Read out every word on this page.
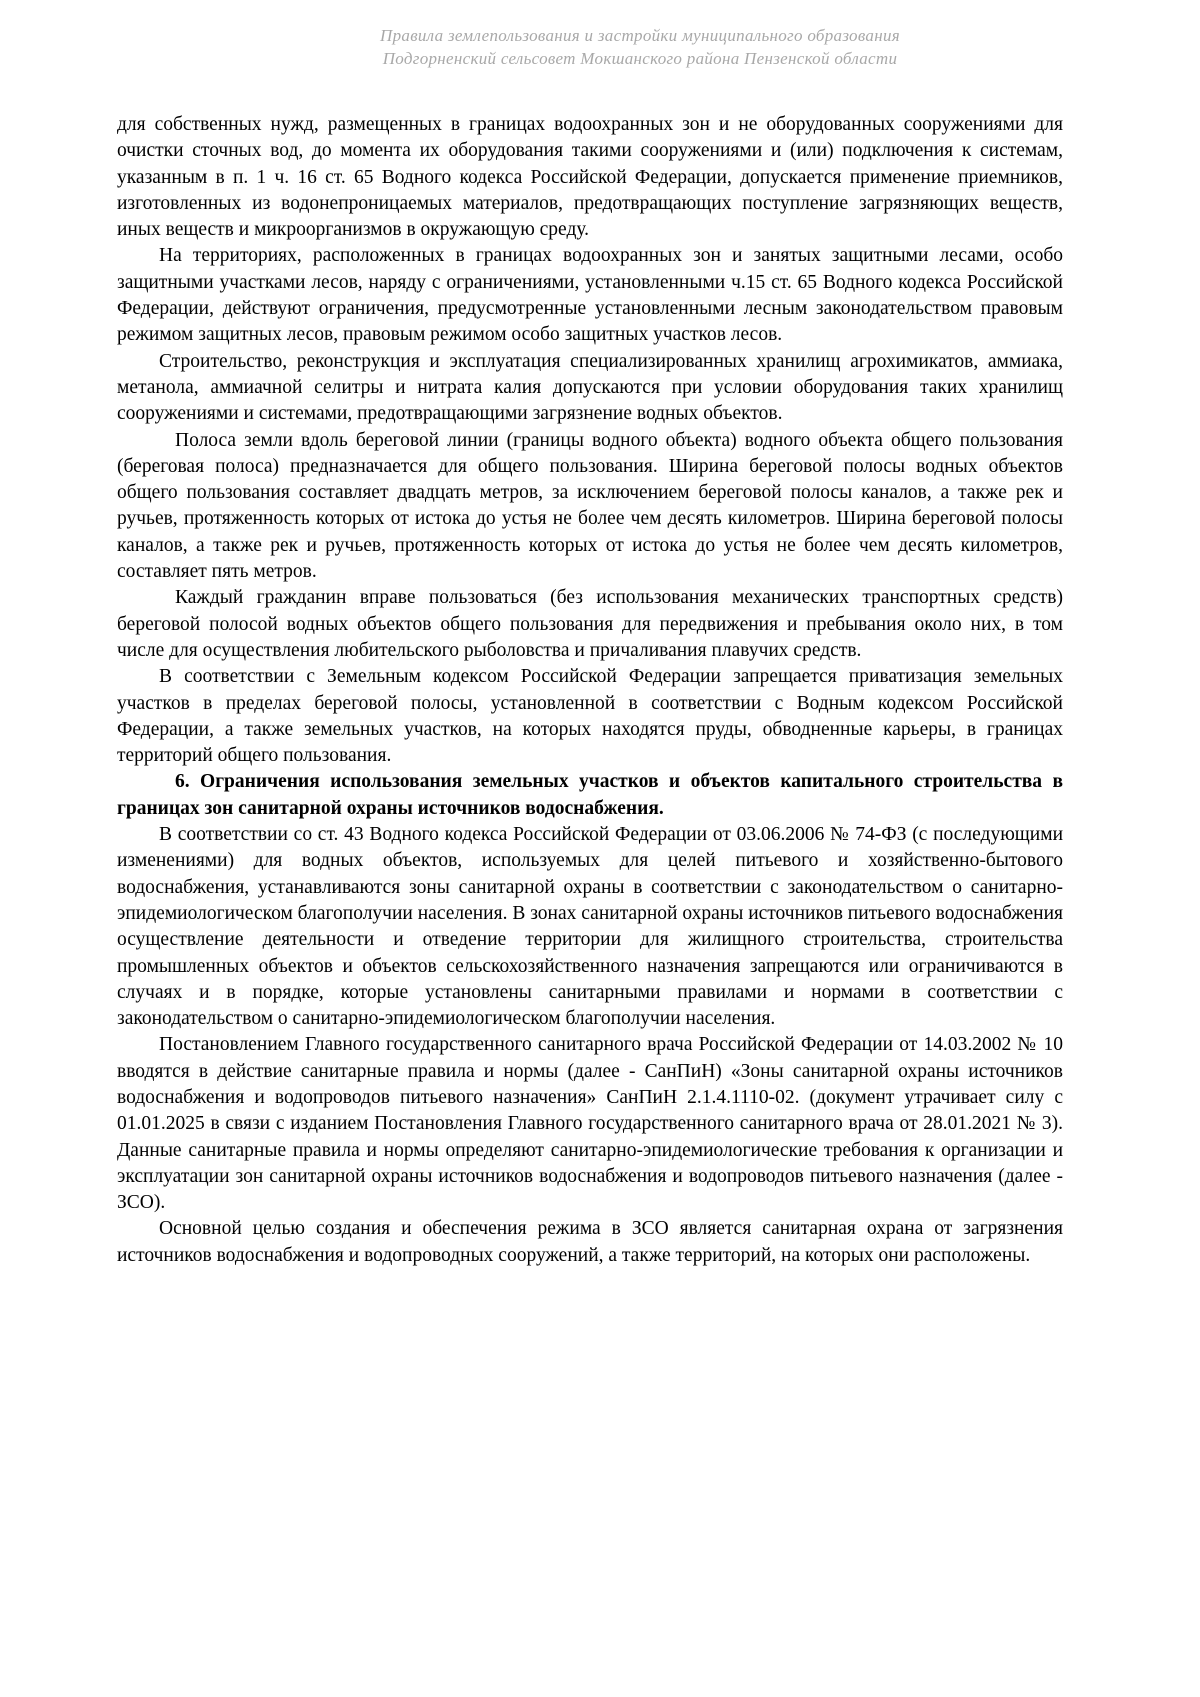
Правила землепользования и застройки муниципального образования
Подгорненский сельсовет Мокшанского района Пензенской области

для собственных нужд, размещенных в границах водоохранных зон и не оборудованных сооружениями для очистки сточных вод, до момента их оборудования такими сооружениями и (или) подключения к системам, указанным в п. 1 ч. 16 ст. 65 Водного кодекса Российской Федерации, допускается применение приемников, изготовленных из водонепроницаемых материалов, предотвращающих поступление загрязняющих веществ, иных веществ и микроорганизмов в окружающую среду.

На территориях, расположенных в границах водоохранных зон и занятых защитными лесами, особо защитными участками лесов, наряду с ограничениями, установленными ч.15 ст. 65 Водного кодекса Российской Федерации, действуют ограничения, предусмотренные установленными лесным законодательством правовым режимом защитных лесов, правовым режимом особо защитных участков лесов.

Строительство, реконструкция и эксплуатация специализированных хранилищ агрохимикатов, аммиака, метанола, аммиачной селитры и нитрата калия допускаются при условии оборудования таких хранилищ сооружениями и системами, предотвращающими загрязнение водных объектов.

Полоса земли вдоль береговой линии (границы водного объекта) водного объекта общего пользования (береговая полоса) предназначается для общего пользования. Ширина береговой полосы водных объектов общего пользования составляет двадцать метров, за исключением береговой полосы каналов, а также рек и ручьев, протяженность которых от истока до устья не более чем десять километров. Ширина береговой полосы каналов, а также рек и ручьев, протяженность которых от истока до устья не более чем десять километров, составляет пять метров.

Каждый гражданин вправе пользоваться (без использования механических транспортных средств) береговой полосой водных объектов общего пользования для передвижения и пребывания около них, в том числе для осуществления любительского рыболовства и причаливания плавучих средств.

В соответствии с Земельным кодексом Российской Федерации запрещается приватизация земельных участков в пределах береговой полосы, установленной в соответствии с Водным кодексом Российской Федерации, а также земельных участков, на которых находятся пруды, обводненные карьеры, в границах территорий общего пользования.

6. Ограничения использования земельных участков и объектов капитального строительства в границах зон санитарной охраны источников водоснабжения.

В соответствии со ст. 43 Водного кодекса Российской Федерации от 03.06.2006 № 74-ФЗ (с последующими изменениями) для водных объектов, используемых для целей питьевого и хозяйственно-бытового водоснабжения, устанавливаются зоны санитарной охраны в соответствии с законодательством о санитарно-эпидемиологическом благополучии населения. В зонах санитарной охраны источников питьевого водоснабжения осуществление деятельности и отведение территории для жилищного строительства, строительства промышленных объектов и объектов сельскохозяйственного назначения запрещаются или ограничиваются в случаях и в порядке, которые установлены санитарными правилами и нормами в соответствии с законодательством о санитарно-эпидемиологическом благополучии населения.

Постановлением Главного государственного санитарного врача Российской Федерации от 14.03.2002 № 10 вводятся в действие санитарные правила и нормы (далее - СанПиН) «Зоны санитарной охраны источников водоснабжения и водопроводов питьевого назначения» СанПиН 2.1.4.1110-02. (документ утрачивает силу с 01.01.2025 в связи с изданием Постановления Главного государственного санитарного врача от 28.01.2021 № 3). Данные санитарные правила и нормы определяют санитарно-эпидемиологические требования к организации и эксплуатации зон санитарной охраны источников водоснабжения и водопроводов питьевого назначения (далее - ЗСО).

Основной целью создания и обеспечения режима в ЗСО является санитарная охрана от загрязнения источников водоснабжения и водопроводных сооружений, а также территорий, на которых они расположены.
